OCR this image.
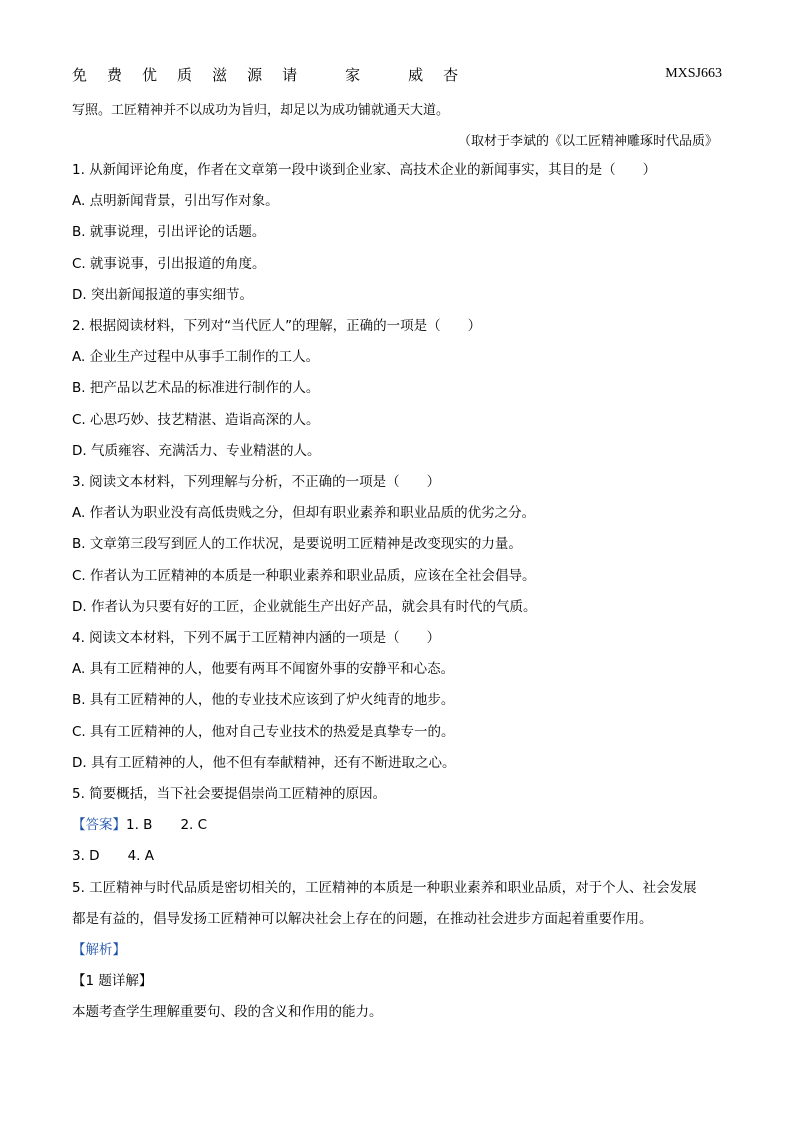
免 费 优 质 滋 源 请	家	威 杏	MXSJ663
写照。工匠精神并不以成功为旨归，却足以为成功铺就通天大道。
（取材于李斌的《以工匠精神雕琢时代品质》
1. 从新闻评论角度，作者在文章第一段中谈到企业家、高技术企业的新闻事实，其目的是（　　）
A. 点明新闻背景，引出写作对象。
B. 就事说理，引出评论的话题。
C. 就事说事，引出报道的角度。
D. 突出新闻报道的事实细节。
2. 根据阅读材料，下列对“当代匠人”的理解，正确的一项是（　　）
A. 企业生产过程中从事手工制作的工人。
B. 把产品以艺术品的标准进行制作的人。
C. 心思巧妙、技艺精湛、造诣高深的人。
D. 气质雍容、充满活力、专业精湛的人。
3. 阅读文本材料，下列理解与分析，不正确的一项是（　　）
A. 作者认为职业没有高低贵贱之分，但却有职业素养和职业品质的优劣之分。
B. 文章第三段写到匠人的工作状况，是要说明工匠精神是改变现实的力量。
C. 作者认为工匠精神的本质是一种职业素养和职业品质，应该在全社会倡导。
D. 作者认为只要有好的工匠，企业就能生产出好产品，就会具有时代的气质。
4. 阅读文本材料，下列不属于工匠精神内涵的一项是（　　）
A. 具有工匠精神的人，他要有两耳不闻窗外事的安静平和心态。
B. 具有工匠精神的人，他的专业技术应该到了炉火纯青的地步。
C. 具有工匠精神的人，他对自己专业技术的热爱是真挚专一的。
D. 具有工匠精神的人，他不但有奉献精神，还有不断进取之心。
5. 简要概括，当下社会要提倡崇尚工匠精神的原因。
【答案】1. B 2. C
3. D 4. A
5. 工匠精神与时代品质是密切相关的，工匠精神的本质是一种职业素养和职业品质，对于个人、社会发展
都是有益的，倡导发扬工匠精神可以解决社会上存在的问题，在推动社会进步方面起着重要作用。
【解析】
【1 题详解】
本题考查学生理解重要句、段的含义和作用的能力。
